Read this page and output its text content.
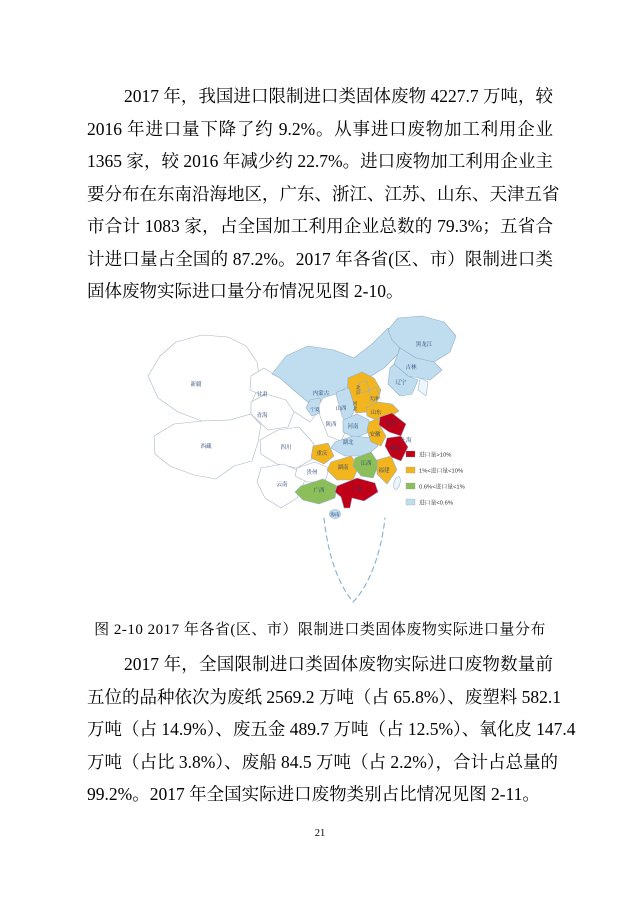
2017 年，我国进口限制进口类固体废物 4227.7 万吨，较
2016 年进口量下降了约 9.2%。从事进口废物加工利用企业
1365 家，较 2016 年减少约 22.7%。进口废物加工利用企业主
要分布在东南沿海地区，广东、浙江、江苏、山东、天津五省
市合计 1083 家，占全国加工利用企业总数的 79.3%；五省合
计进口量占全国的 87.2%。2017 年各省(区、市）限制进口类
固体废物实际进口量分布情况见图 2-10。
新疆
西藏
甘肃
青海
内蒙古
黑龙江
吉林
辽宁
北京
天津
河北
山西
山东
宁夏
陕西 河南
湖北
四川
重庆
安徽
江苏
上海
浙江
云南
贵州
湖南
江西
福建
广西	广东
海南
进口量>10%
1%<进口量<10%
0.6%<进口量<1%
进口量<0.6%
图 2-10 2017 年各省(区、市）限制进口类固体废物实际进口量分布
2017 年，全国限制进口类固体废物实际进口废物数量前
五位的品种依次为废纸 2569.2 万吨（占 65.8%）、废塑料 582.1
万吨（占 14.9%）、废五金 489.7 万吨（占 12.5%）、氧化皮 147.4
万吨（占比 3.8%）、废船 84.5 万吨（占 2.2%），合计占总量的
99.2%。2017 年全国实际进口废物类别占比情况见图 2-11。
21
